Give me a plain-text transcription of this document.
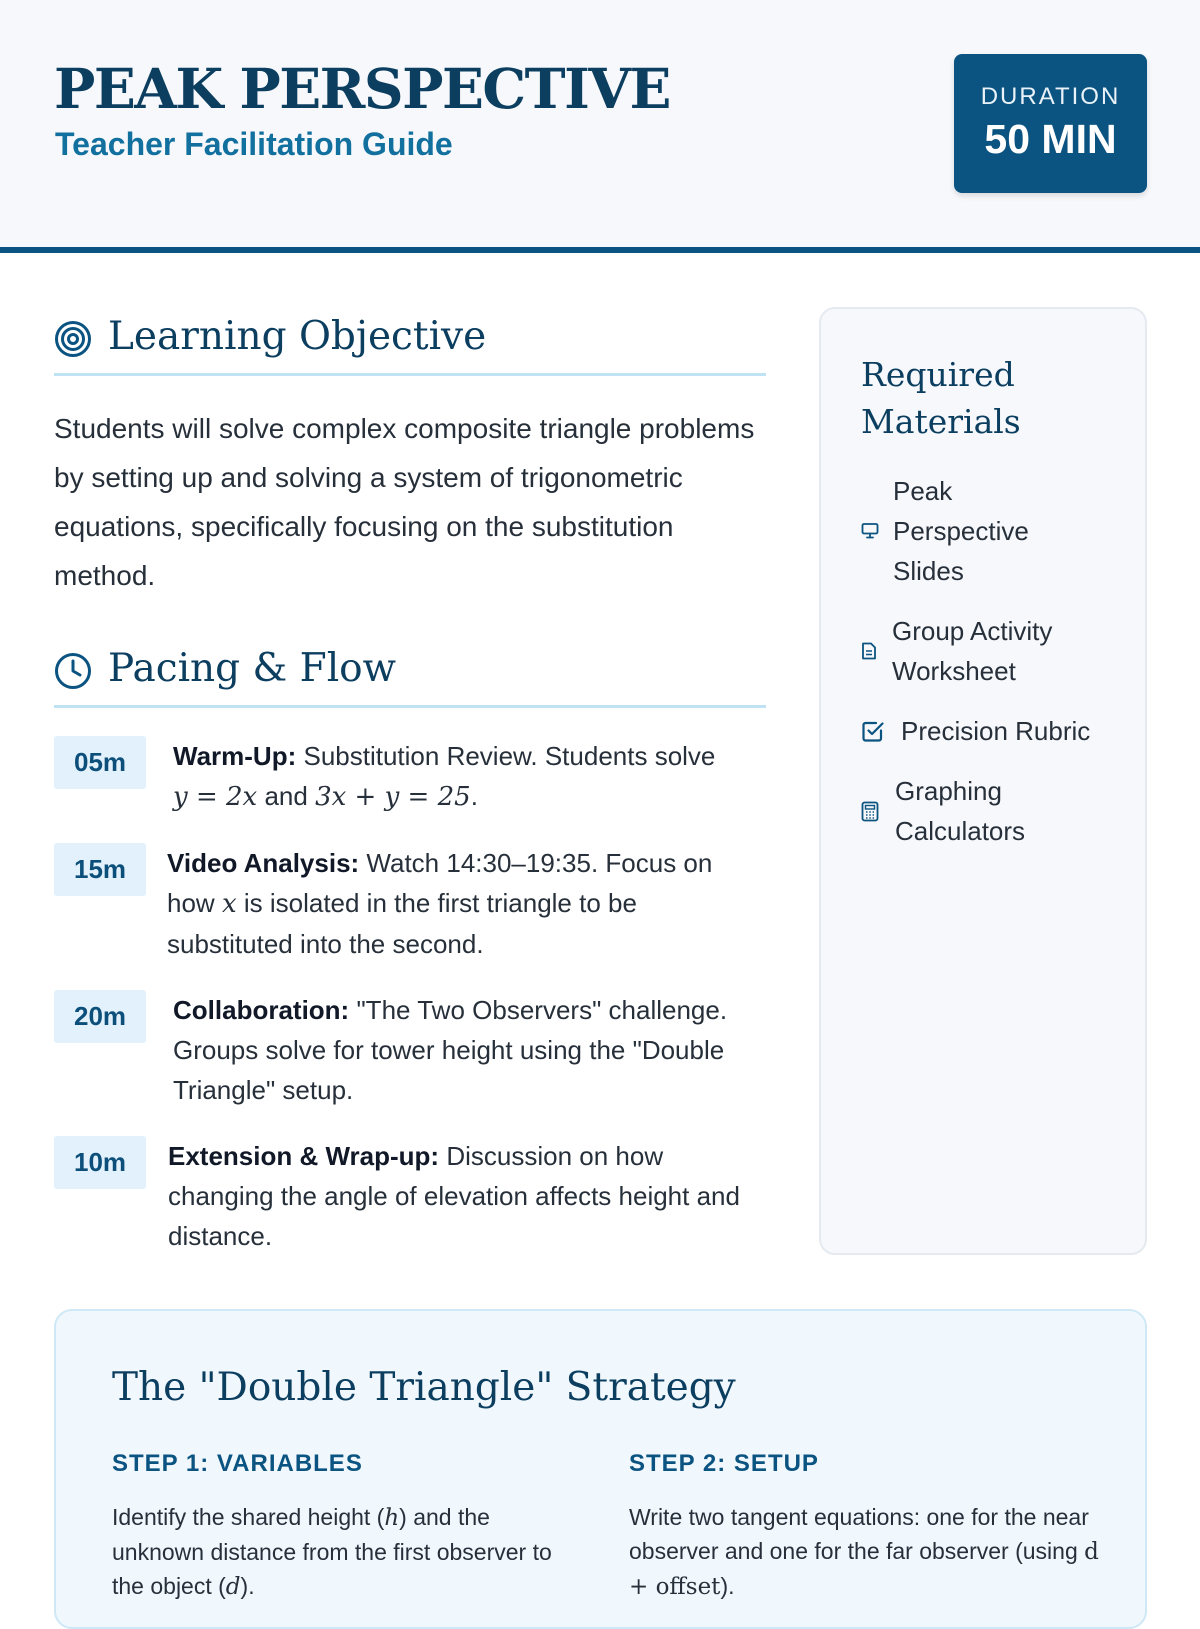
PEAK PERSPECTIVE
Teacher Facilitation Guide
DURATION
50 MIN
Learning Objective
Students will solve complex composite triangle problems by setting up and solving a system of trigonometric equations, specifically focusing on the substitution method.
Pacing & Flow
05m	Warm-Up: Substitution Review. Students solve
y = 2x and 3x + y = 25.
15m	Video Analysis: Watch 14:30–19:35. Focus on how x is isolated in the first triangle to be substituted into the second.
20m	Collaboration: "The Two Observers" challenge. Groups solve for tower height using the "Double Triangle" setup.
10m	Extension & Wrap-up: Discussion on how changing the angle of elevation affects height and distance.
Required Materials
Peak Perspective Slides
Group Activity Worksheet
Precision Rubric
Graphing Calculators
The "Double Triangle" Strategy
STEP 1: VARIABLES
Identify the shared height (h) and the unknown distance from the first observer to the object (d).
STEP 2: SETUP
Write two tangent equations: one for the near observer and one for the far observer (using d + offset).
